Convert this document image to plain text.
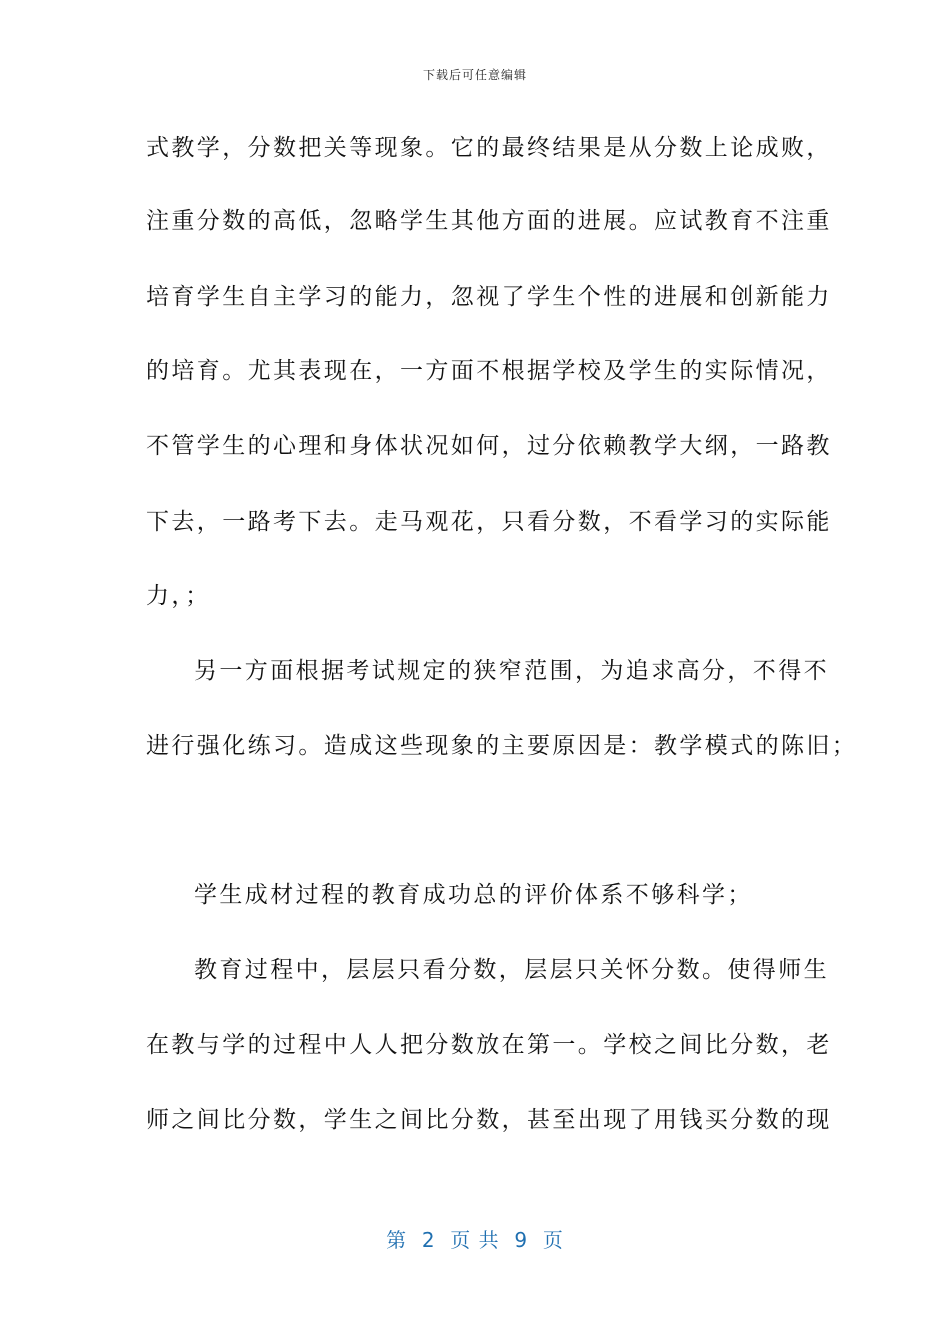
下载后可任意编辑
式教学，分数把关等现象。它的最终结果是从分数上论成败，
注重分数的高低，忽略学生其他方面的进展。应试教育不注重
培育学生自主学习的能力，忽视了学生个性的进展和创新能力
的培育。尤其表现在，一方面不根据学校及学生的实际情况，
不管学生的心理和身体状况如何，过分依赖教学大纲，一路教
下去，一路考下去。走马观花，只看分数，不看学习的实际能
力，；
另一方面根据考试规定的狭窄范围，为追求高分，不得不
进行强化练习。造成这些现象的主要原因是：教学模式的陈旧；
学生成材过程的教育成功总的评价体系不够科学；
教育过程中，层层只看分数，层层只关怀分数。使得师生
在教与学的过程中人人把分数放在第一。学校之间比分数，老
师之间比分数，学生之间比分数，甚至出现了用钱买分数的现
第  2  页 共  9  页
